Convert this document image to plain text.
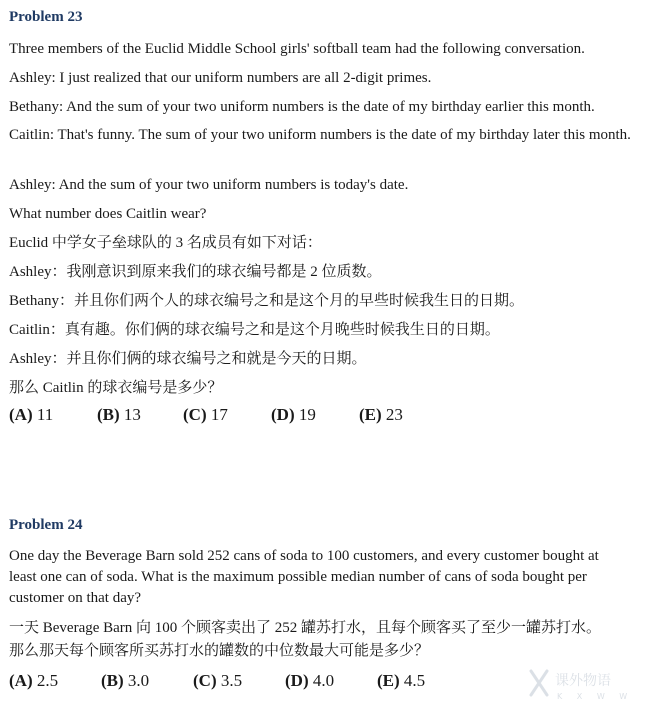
Problem 23

Three members of the Euclid Middle School girls' softball team had the following conversation.

Ashley: I just realized that our uniform numbers are all 2-digit primes.

Bethany: And the sum of your two uniform numbers is the date of my birthday earlier this month.

Caitlin: That's funny. The sum of your two uniform numbers is the date of my birthday later this month.

Ashley: And the sum of your two uniform numbers is today's date.

What number does Caitlin wear?

Euclid 中学女子垒球队的 3 名成员有如下对话：

Ashley：我刚意识到原来我们的球衣编号都是 2 位质数。

Bethany：并且你们两个人的球衣编号之和是这个月的早些时候我生日的日期。

Caitlin：真有趣。你们俩的球衣编号之和是这个月晚些时候我生日的日期。

Ashley：并且你们俩的球衣编号之和就是今天的日期。

那么 Caitlin 的球衣编号是多少？

(A) 11	(B) 13 (C) 17	(D) 19	(E) 23
Problem 24

One day the Beverage Barn sold 252 cans of soda to 100 customers, and every customer bought at

least one can of soda. What is the maximum possible median number of cans of soda bought per

customer on that day?

一天 Beverage Barn 向 100 个顾客卖出了 252 罐苏打水，且每个顾客买了至少一罐苏打水。

那么那天每个顾客所买苏打水的罐数的中位数最大可能是多少？

(A) 2.5	(B) 3.0	(C) 3.5	(D) 4.0	(E) 4.5	课外物语
K X W W
